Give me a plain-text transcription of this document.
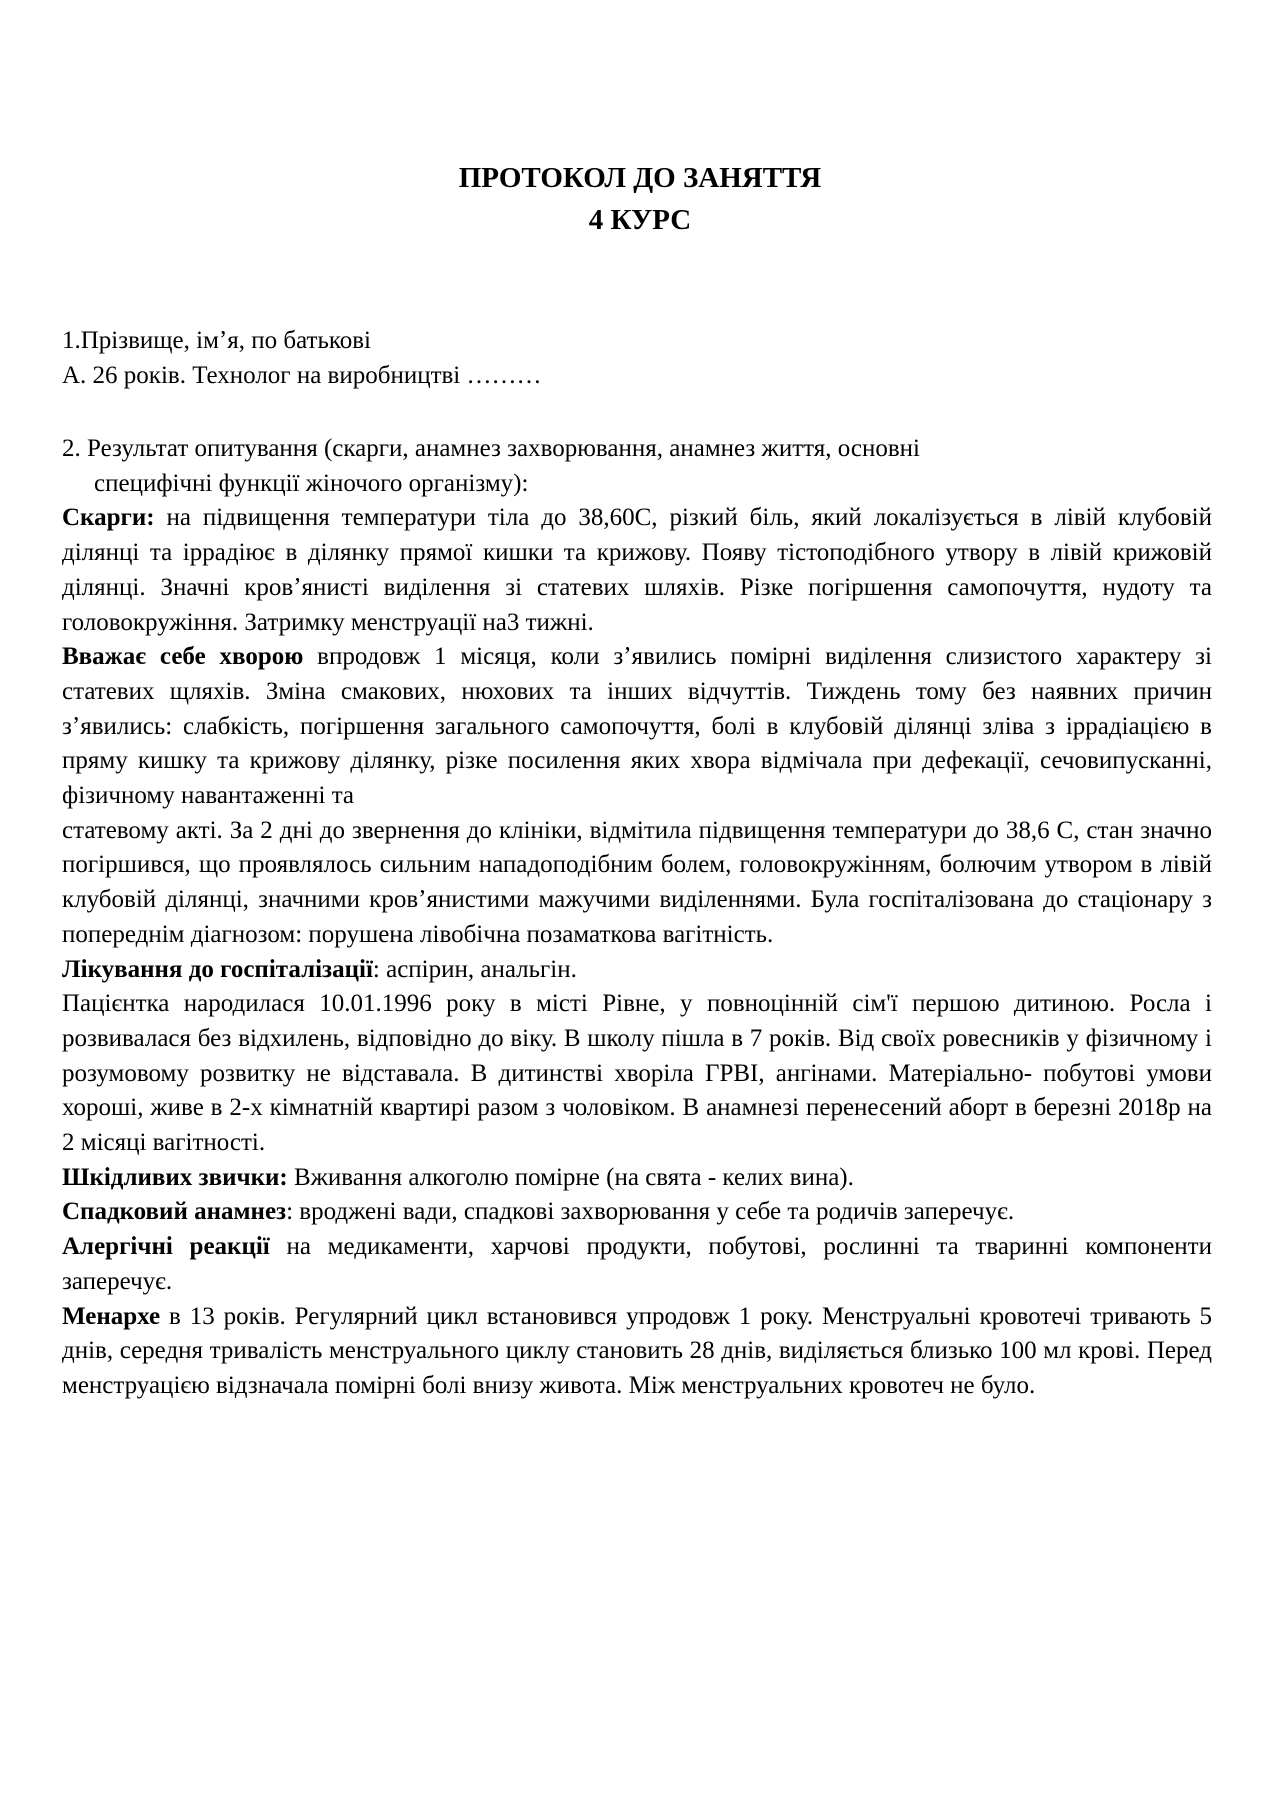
ПРОТОКОЛ ДО ЗАНЯТТЯ
4 КУРС

1.Прізвище, імʼя, по батькові

А. 26 років. Технолог на виробництві ………

2. Результат опитування (скарги, анамнез захворювання, анамнез життя, основні
специфічні функції жіночого організму):

Скарги: на підвищення температури тіла до 38,60С, різкий біль, який локалізується в лівій клубовій ділянці та іррадіює в ділянку прямої кишки та крижову. Появу тістоподібного утвору в лівій крижовій ділянці. Значні кровʼянисті виділення зі статевих шляхів. Різке погіршення самопочуття, нудоту та головокружіння. Затримку менструації на3 тижні.

Вважає себе хворою впродовж 1 місяця, коли зʼявились помірні виділення слизистого характеру зі статевих щляхів. Зміна смакових, нюхових та інших відчуттів. Тиждень тому без наявних причин зʼявились: слабкість, погіршення загального самопочуття, болі в клубовій ділянці зліва з іррадіацією в пряму кишку та крижову ділянку, різке посилення яких хвора відмічала при дефекації, сечовипусканні, фізичному навантаженні та

статевому акті. За 2 дні до звернення до клініки, відмітила підвищення температури до 38,6 С, стан значно погіршився, що проявлялось сильним нападоподібним болем, головокружінням, болючим утвором в лівій клубовій ділянці, значними кровʼянистими мажучими виділеннями. Була госпіталізована до стаціонару з попереднім діагнозом: порушена лівобічна позаматкова вагітність.

Лікування до госпіталізації: аспірин, анальгін.

Пацієнтка народилася 10.01.1996 року в місті Рівне, у повноцінній сім'ї першою дитиною. Росла і розвивалася без відхилень, відповідно до віку. В школу пішла в 7 років. Від своїх ровесників у фізичному і розумовому розвитку не відставала. В дитинстві хворіла ГРВІ, ангінами. Матеріально- побутові умови хороші, живе в 2-х кімнатній квартирі разом з чоловіком. В анамнезі перенесений аборт в березні 2018р на 2 місяці вагітності.

Шкідливих звички: Вживання алкоголю помірне (на свята - келих вина).

Спадковий анамнез: вроджені вади, спадкові захворювання у себе та родичів заперечує.

Алергічні реакції на медикаменти, харчові продукти, побутові, рослинні та тваринні компоненти заперечує.

Менархе в 13 років. Регулярний цикл встановився упродовж 1 року. Менструальні кровотечі тривають 5 днів, середня тривалість менструального циклу становить 28 днів, виділяється близько 100 мл крові. Перед менструацією відзначала помірні болі внизу живота. Між менструальних кровотеч не було.
